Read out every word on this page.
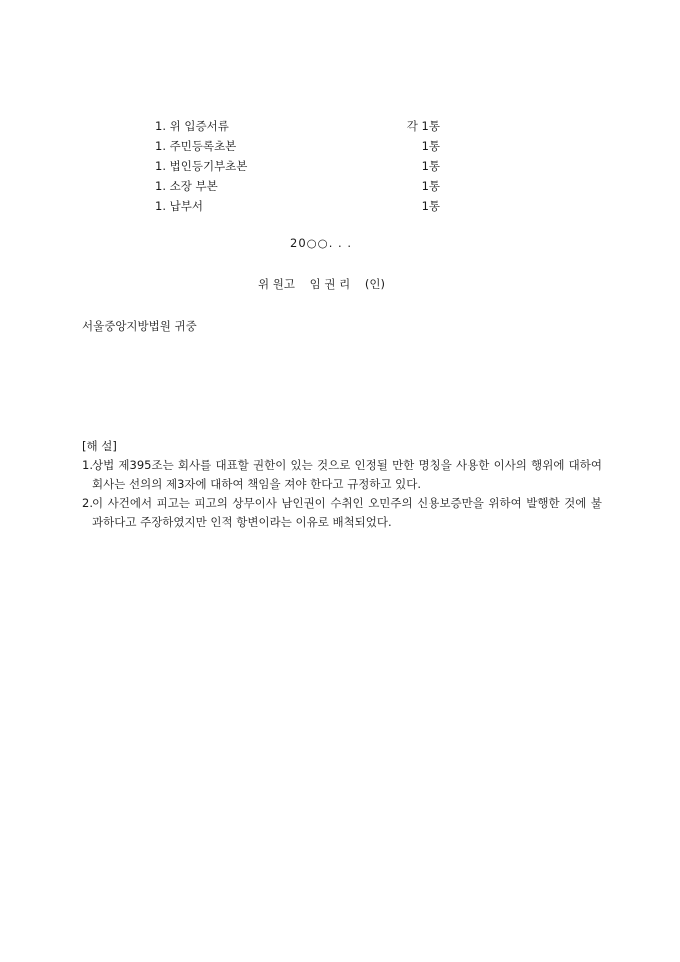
1. 위 입증서류	각 1통
1. 주민등록초본	1통
1. 법인등기부초본	1통
1. 소장 부본	1통
1. 납부서	1통
20○○. . .
위 원고 임 권 리 (인)
서울중앙지방법원 귀중
[해 설]
1. 상법 제395조는 회사를 대표할 권한이 있는 것으로 인정될 만한 명칭을 사용한 이사의 행위에 대하여 회사는 선의의 제3자에 대하여 책임을 져야 한다고 규정하고 있다.
2. 이 사건에서 피고는 피고의 상무이사 남인권이 수취인 오민주의 신용보증만을 위하여 발행한 것에 불과하다고 주장하였지만 인적 항변이라는 이유로 배척되었다.
